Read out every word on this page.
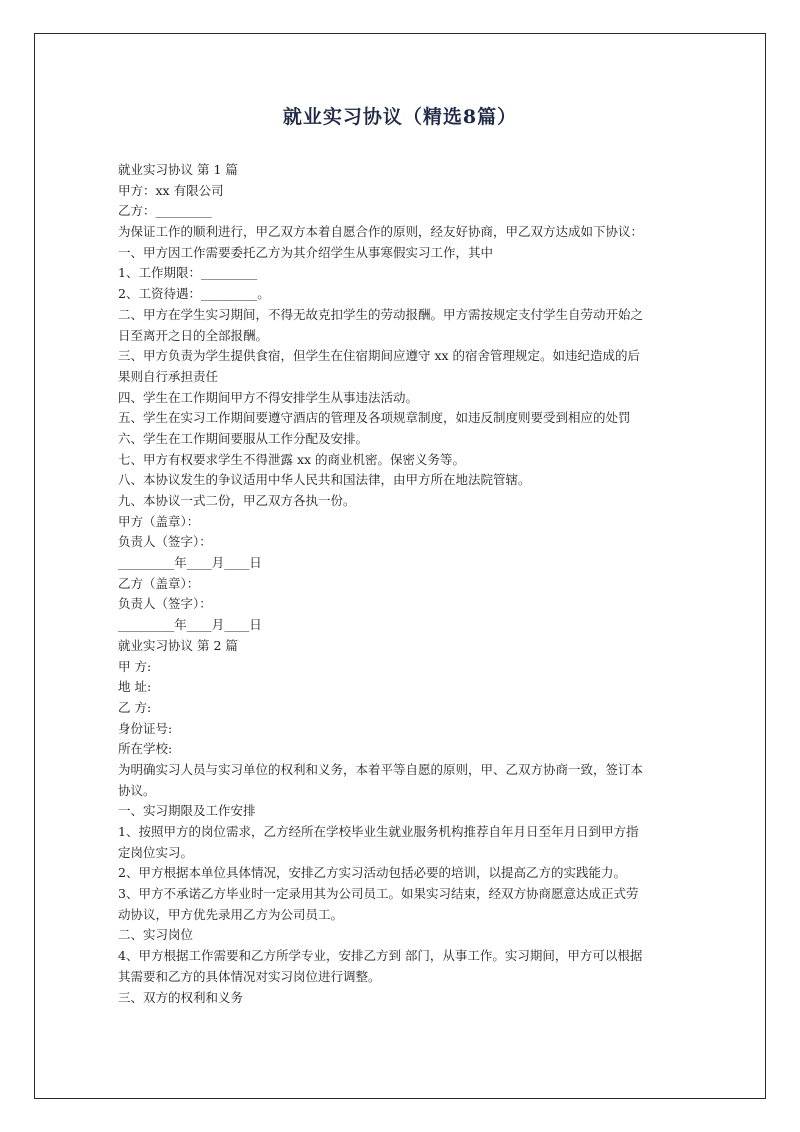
就业实习协议（精选8篇）
就业实习协议 第 1 篇
甲方：xx 有限公司
乙方：_________
为保证工作的顺利进行，甲乙双方本着自愿合作的原则，经友好协商，甲乙双方达成如下协议：
一、甲方因工作需要委托乙方为其介绍学生从事寒假实习工作，其中
1、工作期限：_________
2、工资待遇：_________。
二、甲方在学生实习期间，不得无故克扣学生的劳动报酬。甲方需按规定支付学生自劳动开始之
日至离开之日的全部报酬。
三、甲方负责为学生提供食宿，但学生在住宿期间应遵守 xx 的宿舍管理规定。如违纪造成的后
果则自行承担责任
四、学生在工作期间甲方不得安排学生从事违法活动。
五、学生在实习工作期间要遵守酒店的管理及各项规章制度，如违反制度则要受到相应的处罚
六、学生在工作期间要服从工作分配及安排。
七、甲方有权要求学生不得泄露 xx 的商业机密。保密义务等。
八、本协议发生的争议适用中华人民共和国法律，由甲方所在地法院管辖。
九、本协议一式二份，甲乙双方各执一份。
甲方（盖章）：
负责人（签字）：
_________年____月____日
乙方（盖章）：
负责人（签字）：
_________年____月____日
就业实习协议 第 2 篇
甲 方:
地 址:
乙 方:
身份证号:
所在学校:
为明确实习人员与实习单位的权利和义务，本着平等自愿的原则，甲、乙双方协商一致，签订本
协议。
一、实习期限及工作安排
1、按照甲方的岗位需求，乙方经所在学校毕业生就业服务机构推荐自年月日至年月日到甲方指
定岗位实习。
2、甲方根据本单位具体情况，安排乙方实习活动包括必要的培训，以提高乙方的实践能力。
3、甲方不承诺乙方毕业时一定录用其为公司员工。如果实习结束，经双方协商愿意达成正式劳
动协议，甲方优先录用乙方为公司员工。
二、实习岗位
4、甲方根据工作需要和乙方所学专业，安排乙方到 部门，从事工作。实习期间，甲方可以根据
其需要和乙方的具体情况对实习岗位进行调整。
三、双方的权利和义务
